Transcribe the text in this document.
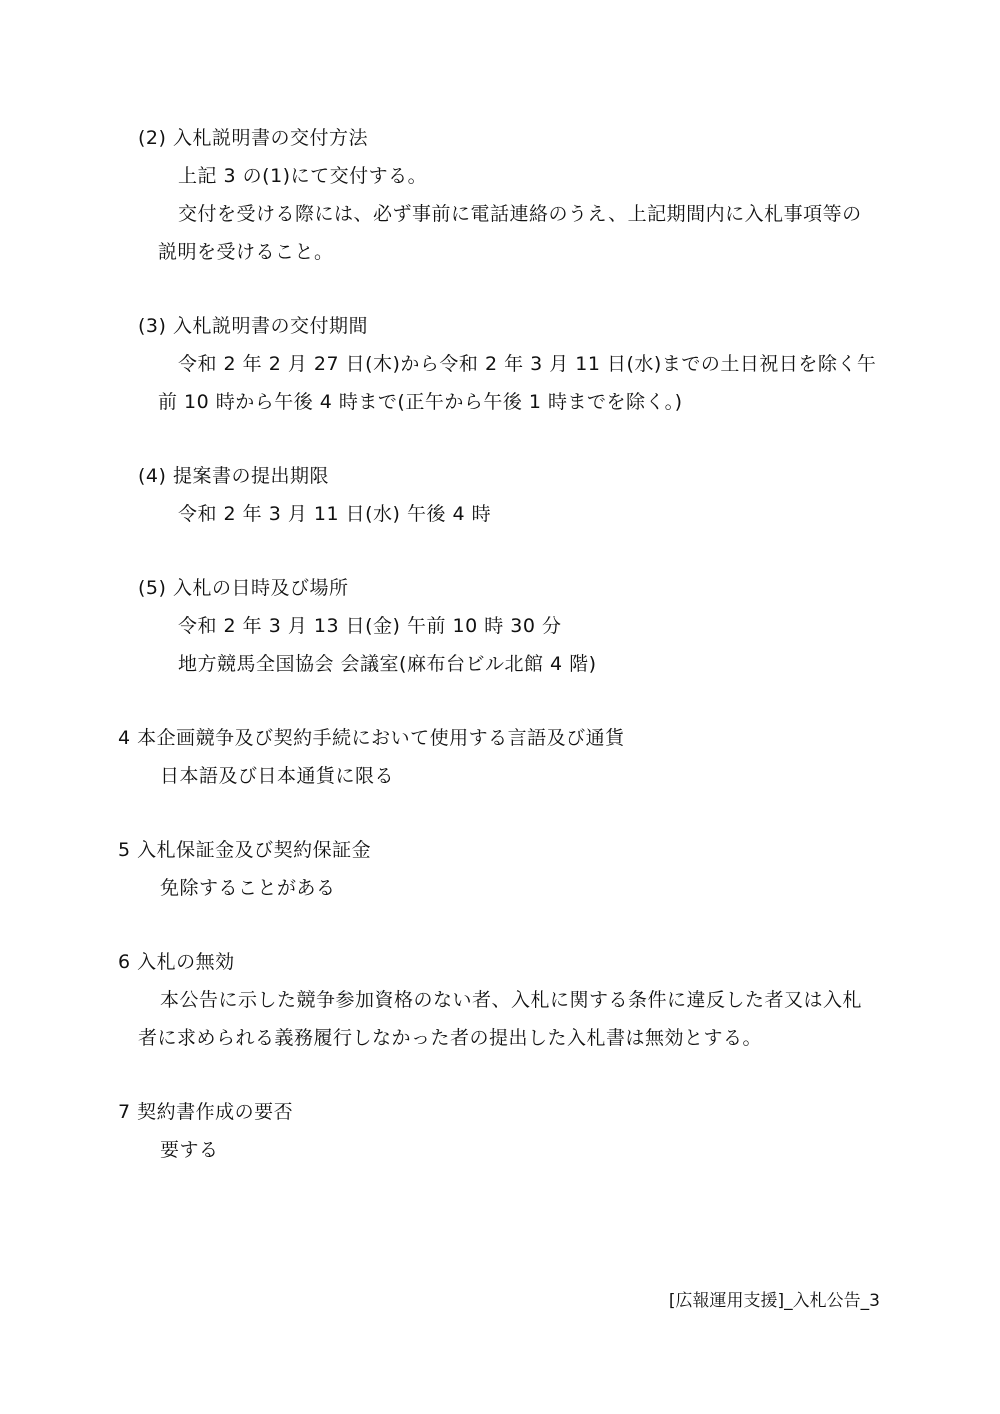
(2) 入札説明書の交付方法
上記 3 の(1)にて交付する。
交付を受ける際には、必ず事前に電話連絡のうえ、上記期間内に入札事項等の
説明を受けること。
(3) 入札説明書の交付期間
令和 2 年 2 月 27 日(木)から令和 2 年 3 月 11 日(水)までの土日祝日を除く午
前 10 時から午後 4 時まで(正午から午後 1 時までを除く。)
(4) 提案書の提出期限
令和 2 年 3 月 11 日(水) 午後 4 時
(5) 入札の日時及び場所
令和 2 年 3 月 13 日(金) 午前 10 時 30 分
地方競馬全国協会 会議室(麻布台ビル北館 4 階)
4 本企画競争及び契約手続において使用する言語及び通貨
日本語及び日本通貨に限る
5 入札保証金及び契約保証金
免除することがある
6 入札の無効
本公告に示した競争参加資格のない者、入札に関する条件に違反した者又は入札
者に求められる義務履行しなかった者の提出した入札書は無効とする。
7 契約書作成の要否
要する
[広報運用支援]_入札公告_3
